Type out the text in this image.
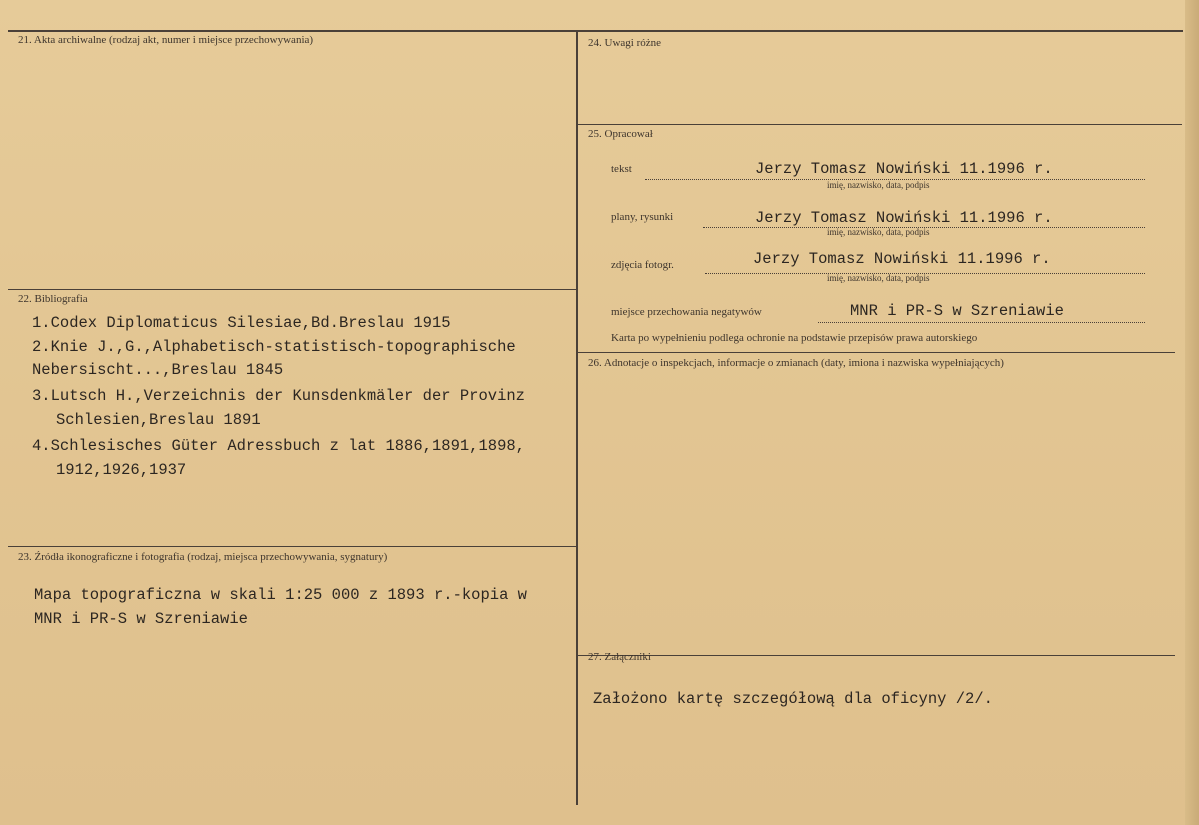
21. Akta archiwalne (rodzaj akt, numer i miejsce przechowywania)
22. Bibliografia
1.Codex Diplomaticus Silesiae,Bd.Breslau 1915
2.Knie J.,G.,Alphabetisch-statistisch-topographische
Nebersischt...,Breslau 1845
3.Lutsch H.,Verzeichnis der Kunsdenkmäler der Provinz
Schlesien,Breslau 1891
4.Schlesisches Güter Adressbuch z lat 1886,1891,1898,
1912,1926,1937
23. Źródła ikonograficzne i fotografia (rodzaj, miejsca przechowywania, sygnatury)
Mapa topograficzna w skali 1:25 000 z 1893 r.-kopia w
MNR i PR-S w Szreniawie
24. Uwagi różne
25. Opracował
tekst	Jerzy Tomasz Nowiński 11.1996 r.
imię, nazwisko, data, podpis
plany, rysunki	Jerzy Tomasz Nowiński 11.1996 r.
imię, nazwisko, data, podpis
zdjęcia fotogr.	Jerzy Tomasz Nowiński 11.1996 r.
imię, nazwisko, data, podpis
miejsce przechowania negatywów	MNR i PR-S w Szreniawie
Karta po wypełnieniu podlega ochronie na podstawie przepisów prawa autorskiego
26. Adnotacje o inspekcjach, informacje o zmianach (daty, imiona i nazwiska wypełniających)
27. Załączniki
Założono kartę szczegółową dla oficyny /2/.
